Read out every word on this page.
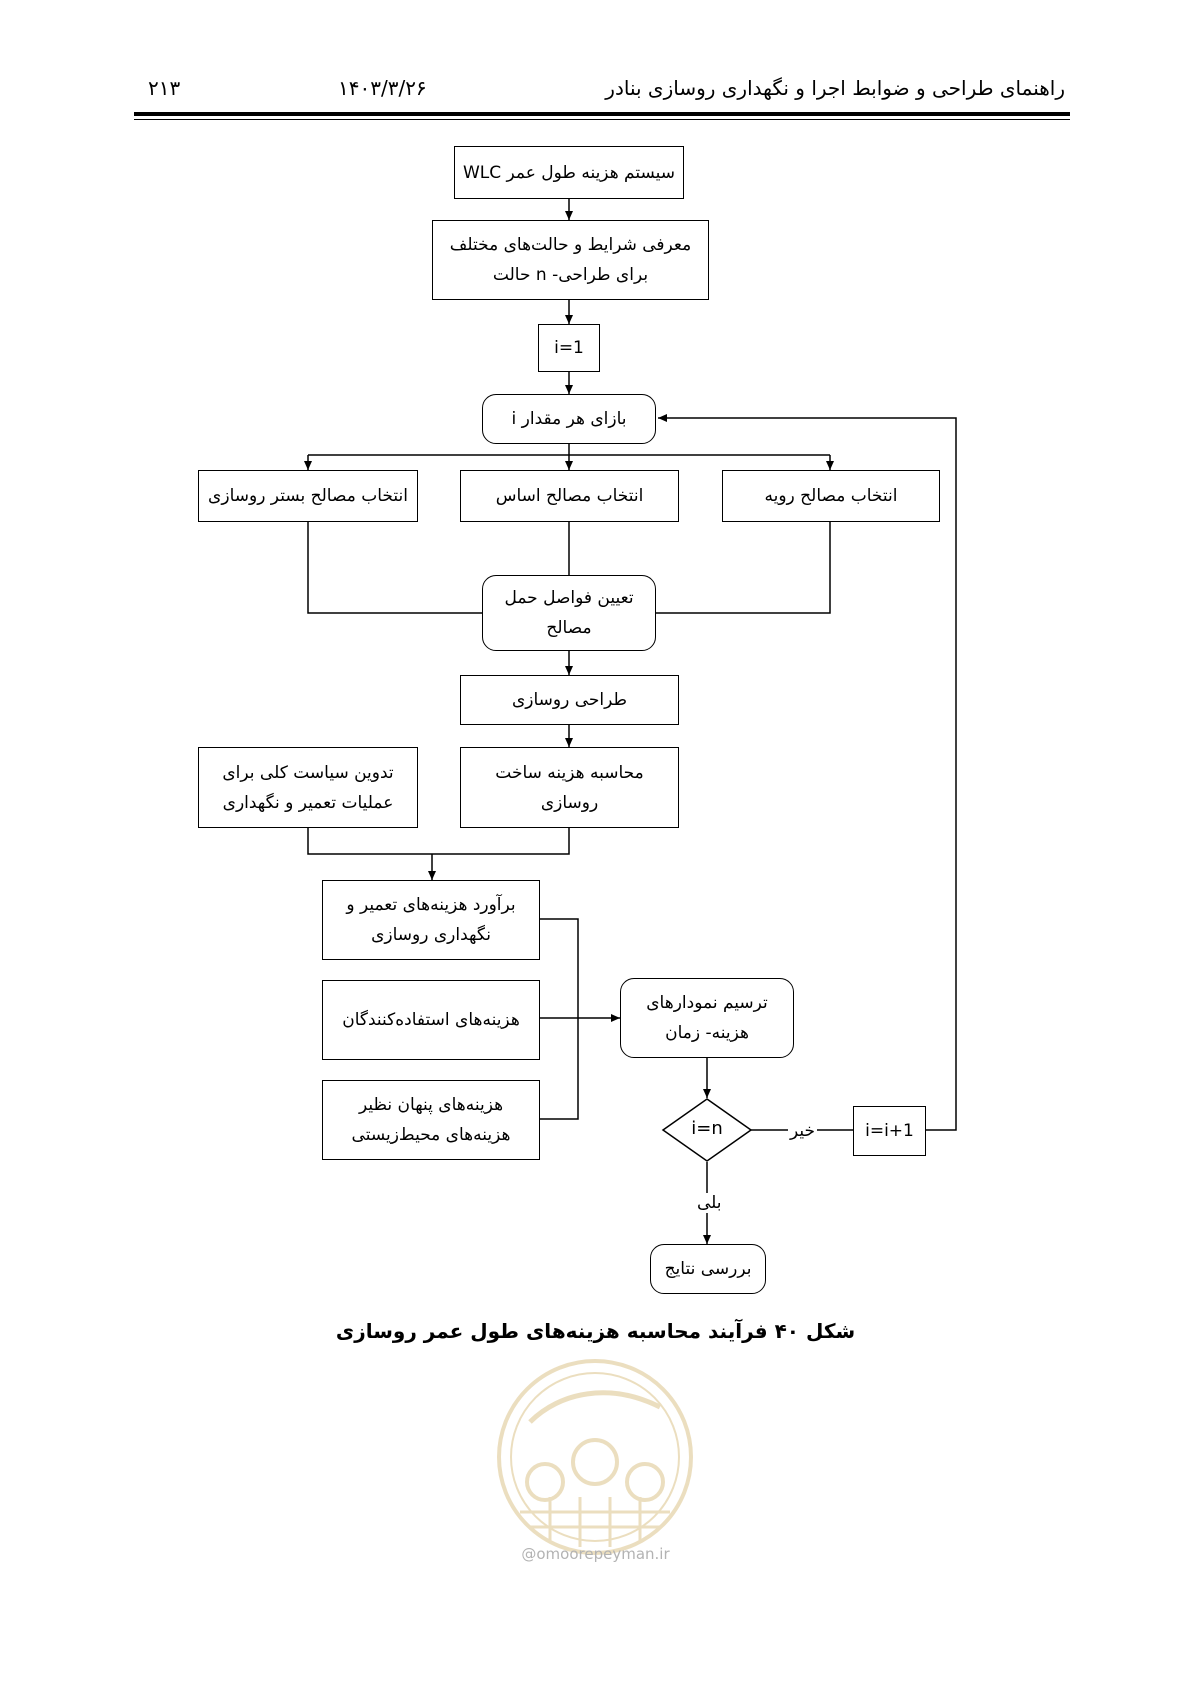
راهنمای طراحی و ضوابط اجرا و نگهداری روسازی بنادر
۱۴۰۳/۳/۲۶
۲۱۳
سیستم هزینه طول عمر WLC
معرفی شرایط و حالت‌های مختلف
برای طراحی- n حالت
i=1
بازای هر مقدار i
انتخاب مصالح بستر روسازی	انتخاب مصالح اساس	انتخاب مصالح رویه
تعیین فواصل حمل
مصالح
طراحی روسازی
تدوین سیاست کلی برای
عملیات تعمیر و نگهداری
محاسبه هزینه ساخت
روسازی
برآورد هزینه‌های تعمیر و
نگهداری روسازی
هزینه‌های استفاده‌کنندگان
هزینه‌های پنهان نظیر
هزینه‌های محیط‌زیستی
ترسیم نمودارهای
هزینه- زمان
i=n	خیر	i=i+1
بلی
بررسی نتایج
شکل ۴۰ فرآیند محاسبه هزینه‌های طول عمر روسازی
@omoorepeyman.ir
